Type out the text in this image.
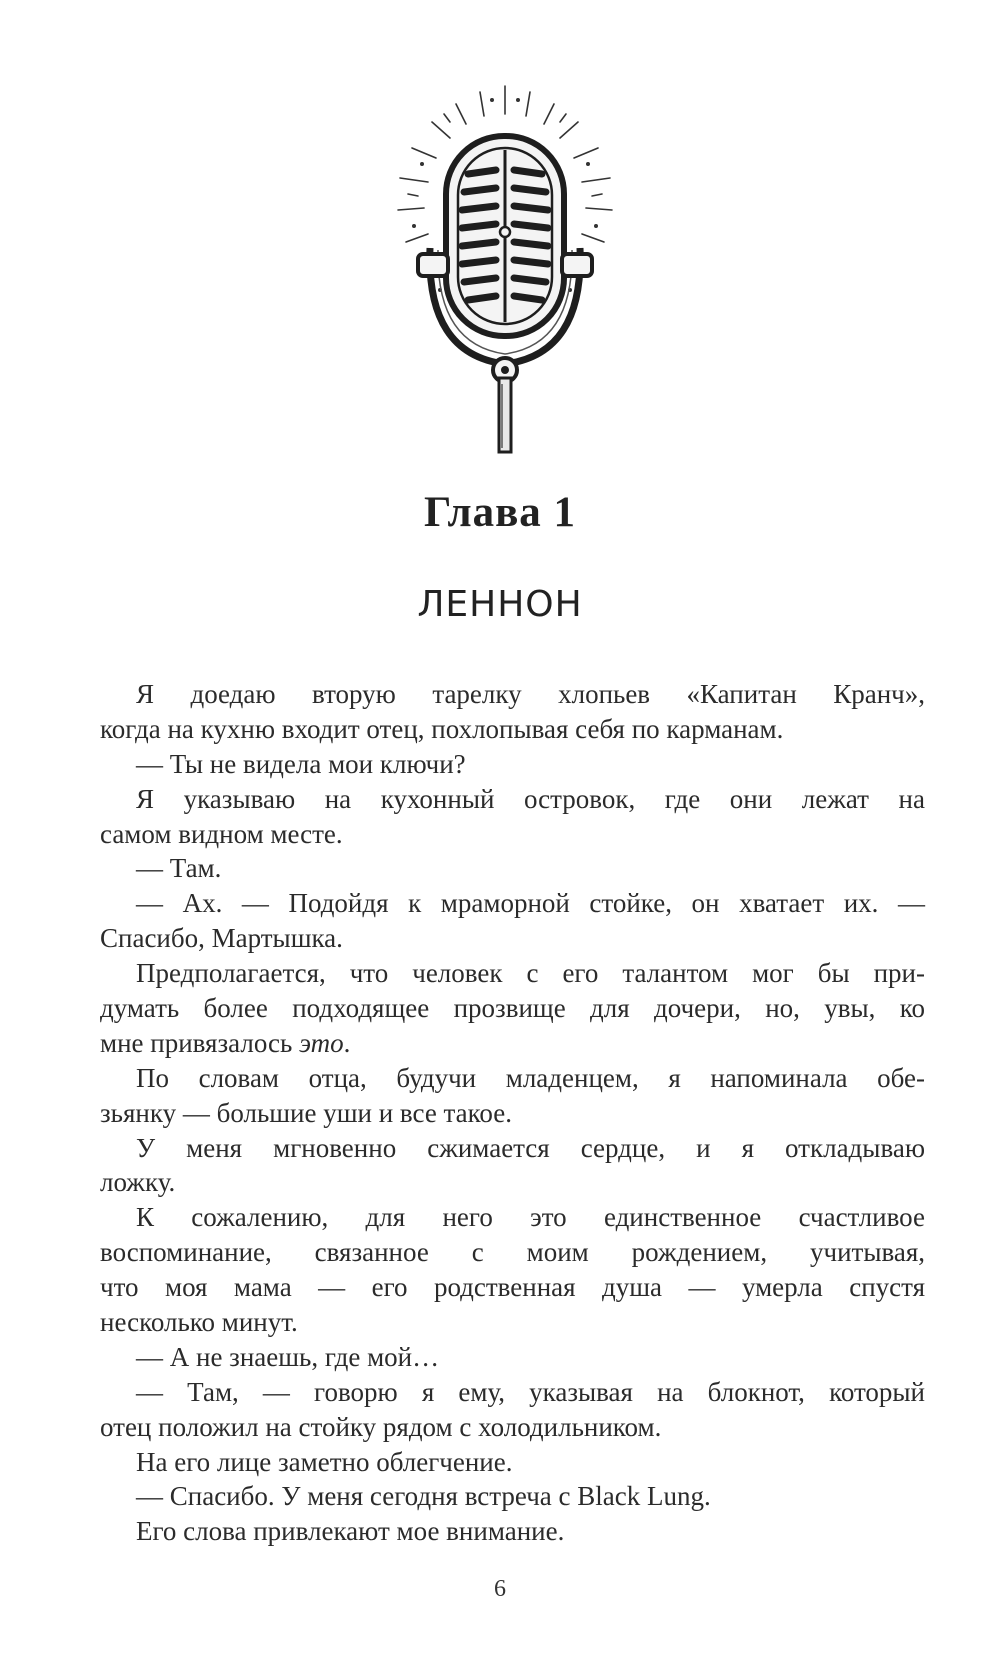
Глава 1
ЛЕННОН
Я доедаю вторую тарелку хлопьев «Капитан Кранч»,
когда на кухню входит отец, похлопывая себя по карманам.
— Ты не видела мои ключи?
Я указываю на кухонный островок, где они лежат на
самом видном месте.
— Там.
— Ах. — Подойдя к мраморной стойке, он хватает их. —
Спасибо, Мартышка.
Предполагается, что человек с его талантом мог бы при-
думать более подходящее прозвище для дочери, но, увы, ко
мне привязалось это.
По словам отца, будучи младенцем, я напоминала обе-
зьянку — большие уши и все такое.
У меня мгновенно сжимается сердце, и я откладываю
ложку.
К сожалению, для него это единственное счастливое
воспоминание, связанное с моим рождением, учитывая,
что моя мама — его родственная душа — умерла спустя
несколько минут.
— А не знаешь, где мой…
— Там, — говорю я ему, указывая на блокнот, который
отец положил на стойку рядом с холодильником.
На его лице заметно облегчение.
— Спасибо. У меня сегодня встреча с Black Lung.
Его слова привлекают мое внимание.
6
